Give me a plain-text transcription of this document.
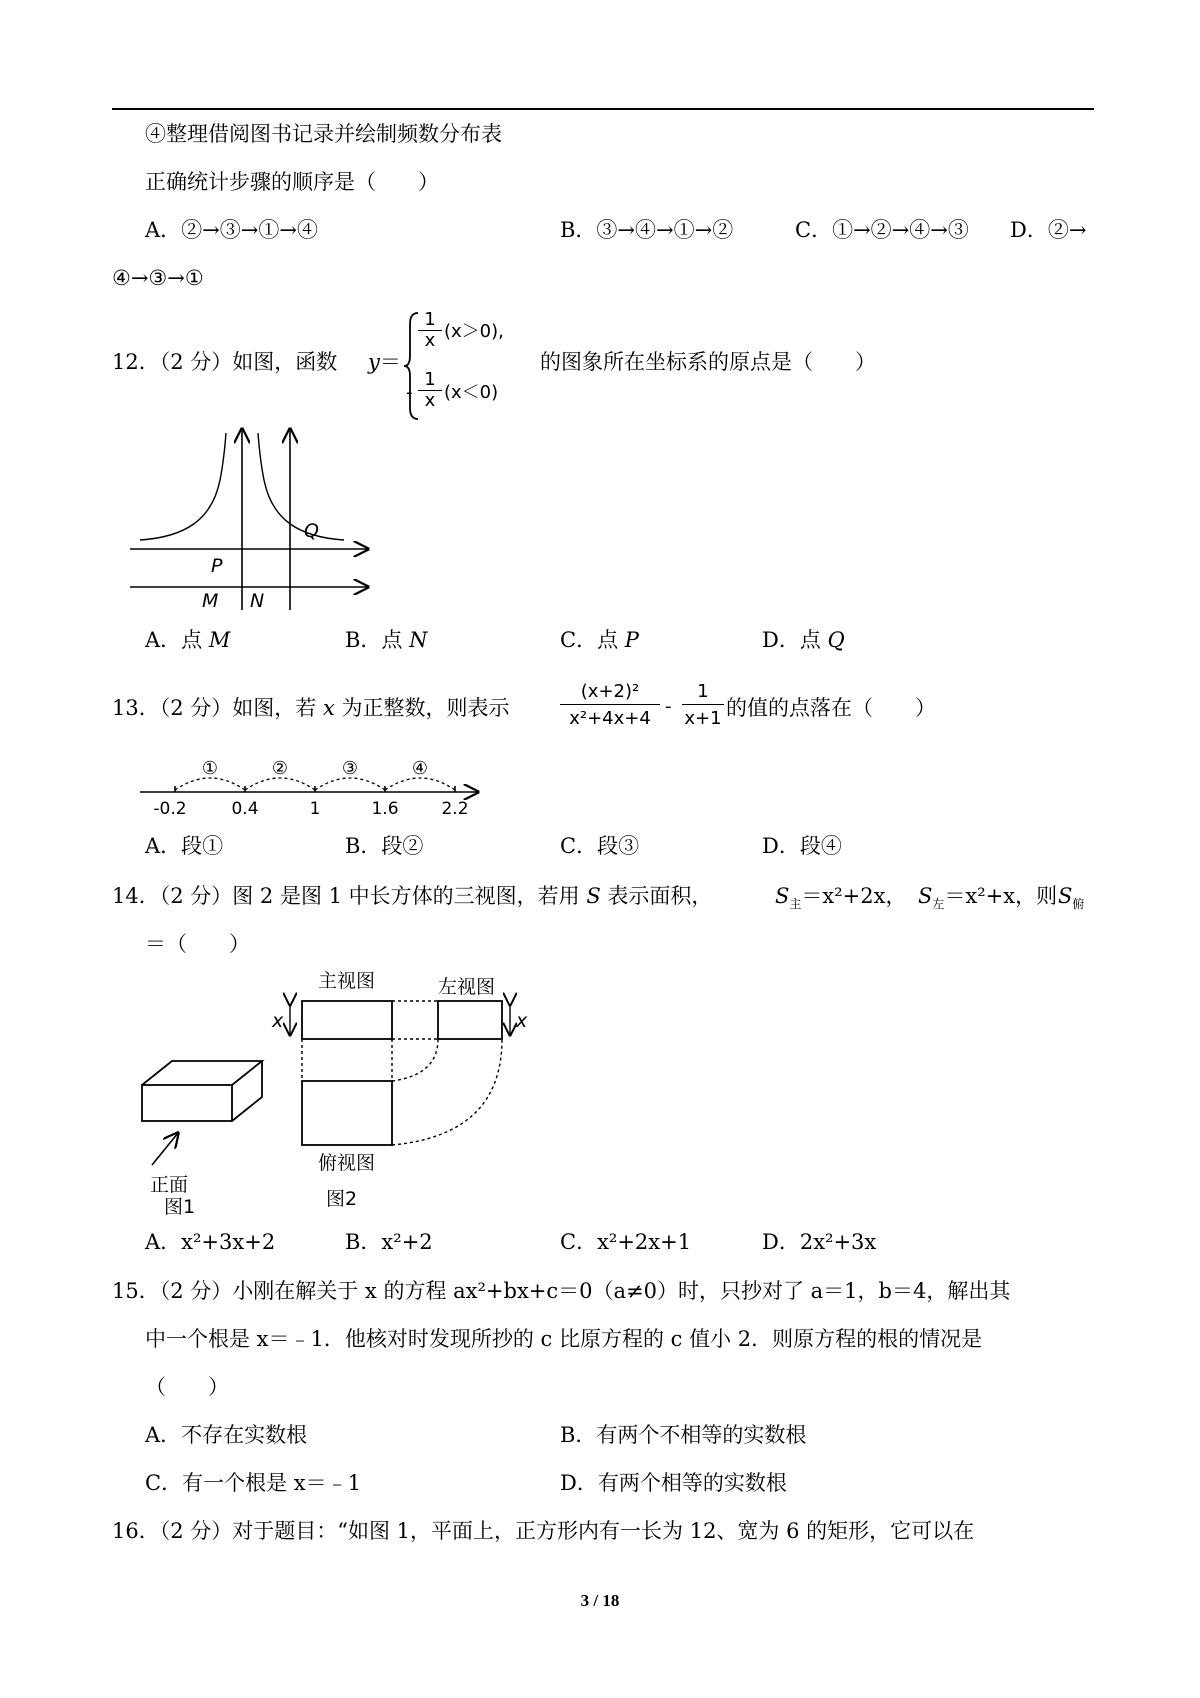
④整理借阅图书记录并绘制频数分布表
正确统计步骤的顺序是（　　）
A．②→③→①→④	B．③→④→①→②	C．①→②→④→③ D．②→
④→③→①
12．（2 分）如图，函数 y＝
1
x (x＞0),
-
1
x (x＜0)
的图象所在坐标系的原点是（　　）
Q
P
M N
A．点 M	B．点 N	C．点 P	D．点 Q
13．（2 分）如图，若 x 为正整数，则表示
(x+2)²
x²+4x+4
-
1
x+1 的值的点落在（　　）
①	②	③	④
-0.2	0.4	1	1.6	2.2
A．段①	B．段②	C．段③	D．段④
14．（2 分）图 2 是图 1 中长方体的三视图，若用 S 表示面积，	$S_主=x^2+2x$， $S_左=x^2+x$，则 $S_俯$
＝（　　）
正面
图1
主视图	左视图
x	x
俯视图
图2
A．x²+3x+2	B．x²+2	C．x²+2x+1	D．2x²+3x
15．（2 分）小刚在解关于 x 的方程 ax²+bx+c＝0（a≠0）时，只抄对了 a＝1，b＝4，解出其
中一个根是 x＝﹣1．他核对时发现所抄的 c 比原方程的 c 值小 2．则原方程的根的情况是
（　　）
A．不存在实数根	B．有两个不相等的实数根
C．有一个根是 x＝﹣1	D．有两个相等的实数根
16．（2 分）对于题目：“如图 1，平面上，正方形内有一长为 12、宽为 6 的矩形，它可以在
3 / 18
